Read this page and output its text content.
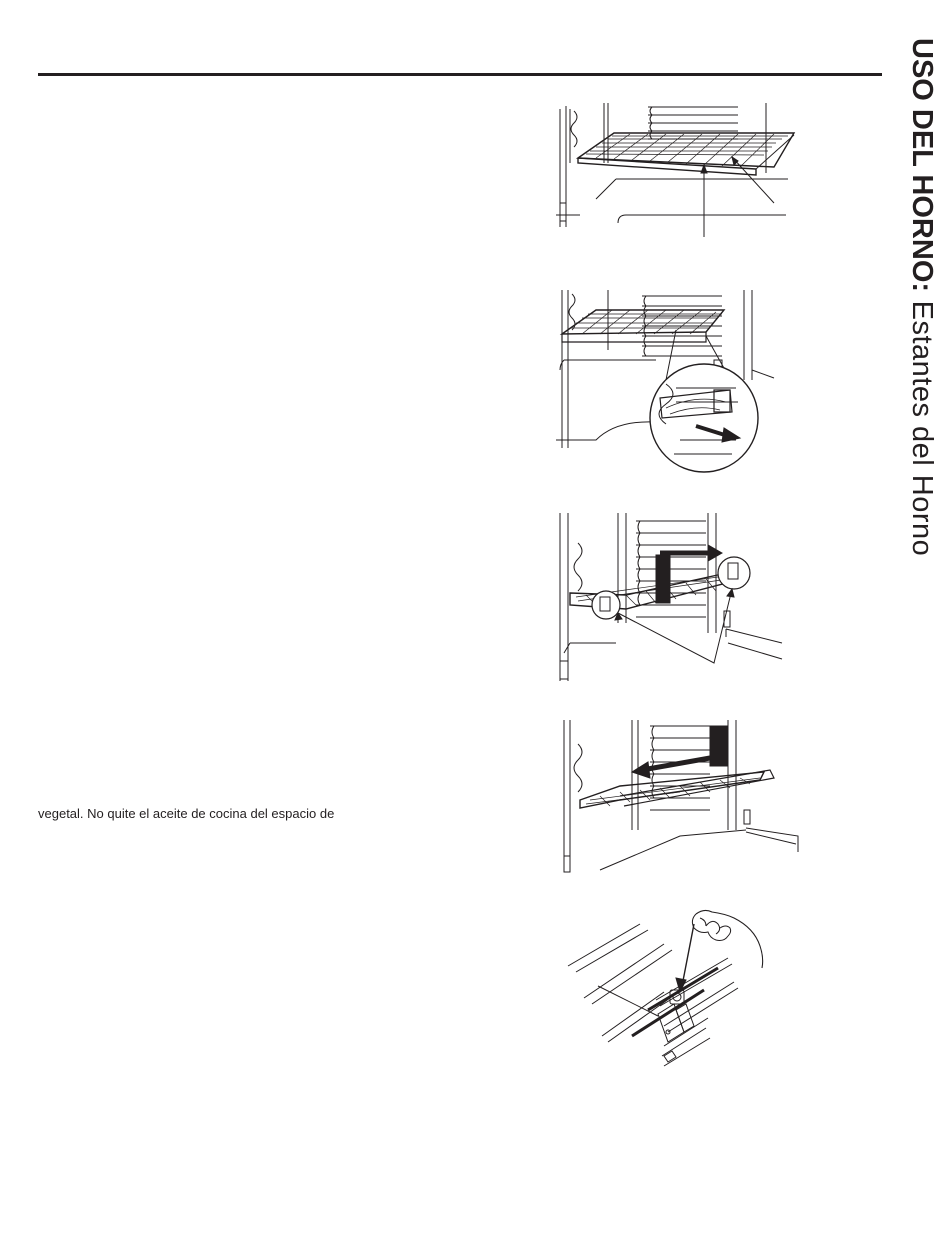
USO DEL HORNO: Estantes del Horno
vegetal. No quite el aceite de cocina del espacio de
